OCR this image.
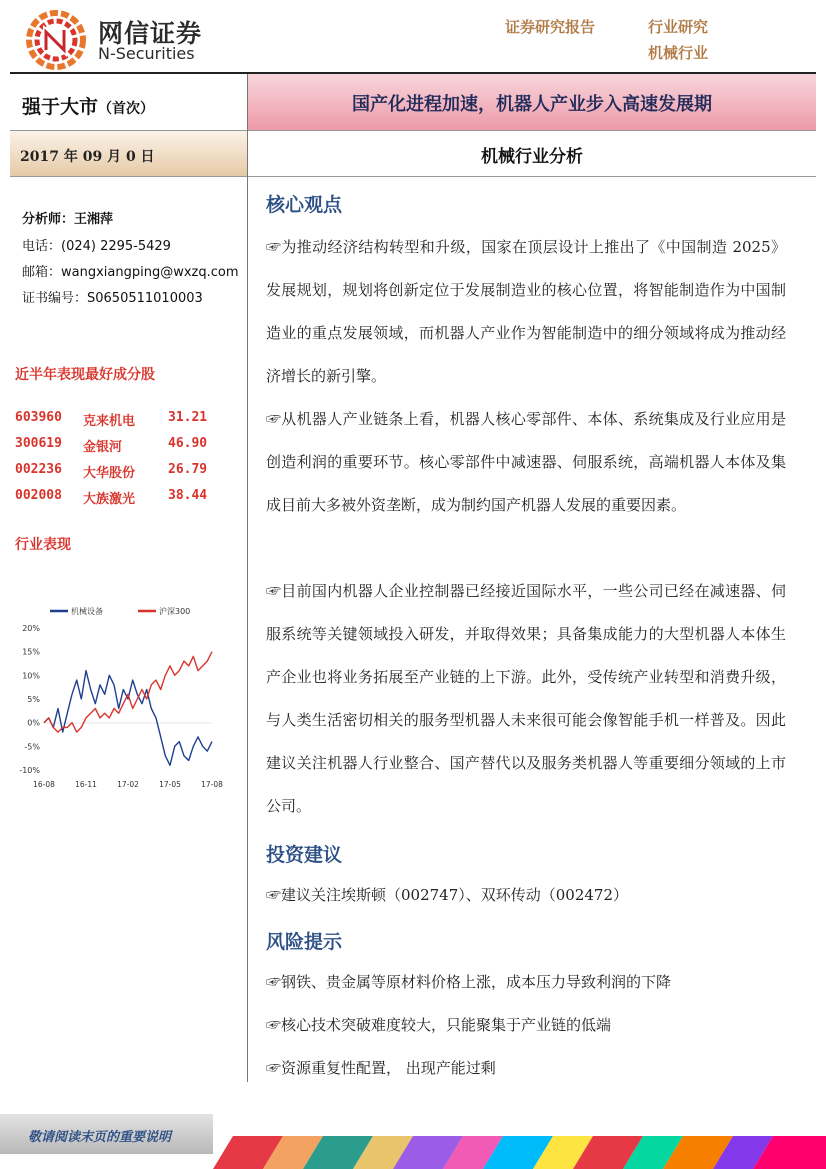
网信证券
N-Securities
证券研究报告	行业研究
机械行业
强于大市（首次）	国产化进程加速，机器人产业步入高速发展期
2017 年 09 月 0 日	机械行业分析
分析师：王湘萍
电话：(024) 2295-5429
邮箱：wangxiangping@wxzq.com
证书编号：S0650511010003
近半年表现最好成分股
603960 克来机电	31.21
300619 金银河	46.90
002236 大华股份	26.79
002008 大族激光	38.44
行业表现
机械设备	沪深300
20%
15%
10%
5%
0%
-5%
-10%
16-08	16-11	17-02	17-05	17-08
核心观点
☞为推动经济结构转型和升级，国家在顶层设计上推出了《中国制造 2025》发展规划，规划将创新定位于发展制造业的核心位置，将智能制造作为中国制造业的重点发展领域，而机器人产业作为智能制造中的细分领域将成为推动经济增长的新引擎。
☞从机器人产业链条上看，机器人核心零部件、本体、系统集成及行业应用是创造利润的重要环节。核心零部件中减速器、伺服系统，高端机器人本体及集成目前大多被外资垄断，成为制约国产机器人发展的重要因素。
☞目前国内机器人企业控制器已经接近国际水平，一些公司已经在减速器、伺服系统等关键领域投入研发，并取得效果；具备集成能力的大型机器人本体生产企业也将业务拓展至产业链的上下游。此外，受传统产业转型和消费升级，与人类生活密切相关的服务型机器人未来很可能会像智能手机一样普及。因此建议关注机器人行业整合、国产替代以及服务类机器人等重要细分领域的上市公司。
投资建议
☞建议关注埃斯顿（002747）、双环传动（002472）
风险提示
☞钢铁、贵金属等原材料价格上涨，成本压力导致利润的下降
☞核心技术突破难度较大，只能聚集于产业链的低端
☞资源重复性配置， 出现产能过剩
敬请阅读末页的重要说明
